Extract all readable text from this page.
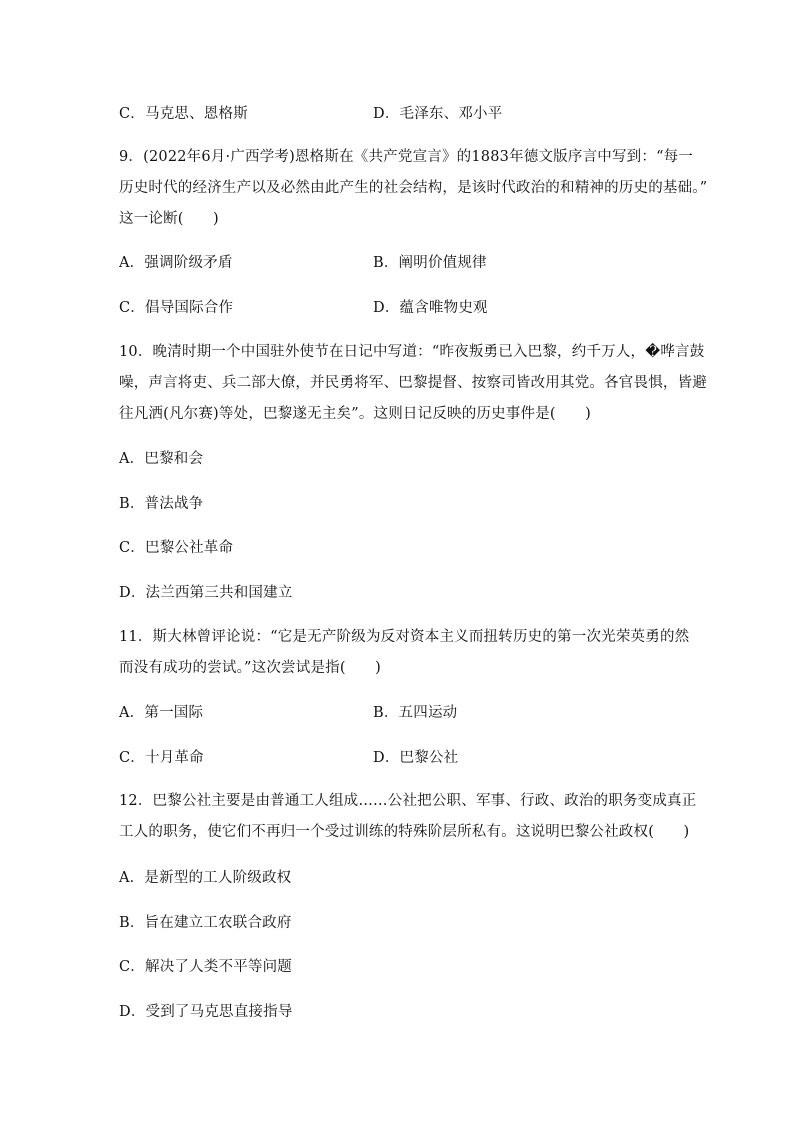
C．马克思、恩格斯	D．毛泽东、邓小平
9．(2022年6月·广西学考)恩格斯在《共产党宣言》的1883年德文版序言中写到：“每一
历史时代的经济生产以及必然由此产生的社会结构，是该时代政治的和精神的历史的基础。”
这一论断(　　)
A．强调阶级矛盾	B．阐明价值规律
C．倡导国际合作	D．蕴含唯物史观
10．晚清时期一个中国驻外使节在日记中写道：“昨夜叛勇已入巴黎，约千万人，�哗言鼓
噪，声言将吏、兵二部大僚，并民勇将军、巴黎提督、按察司皆改用其党。各官畏惧，皆避
往凡洒(凡尔赛)等处，巴黎遂无主矣”。这则日记反映的历史事件是(　　)
A．巴黎和会
B．普法战争
C．巴黎公社革命
D．法兰西第三共和国建立
11．斯大林曾评论说：“它是无产阶级为反对资本主义而扭转历史的第一次光荣英勇的然
而没有成功的尝试。”这次尝试是指(　　)
A．第一国际	B．五四运动
C．十月革命	D．巴黎公社
12．巴黎公社主要是由普通工人组成……公社把公职、军事、行政、政治的职务变成真正
工人的职务，使它们不再归一个受过训练的特殊阶层所私有。这说明巴黎公社政权(　　)
A．是新型的工人阶级政权
B．旨在建立工农联合政府
C．解决了人类不平等问题
D．受到了马克思直接指导
